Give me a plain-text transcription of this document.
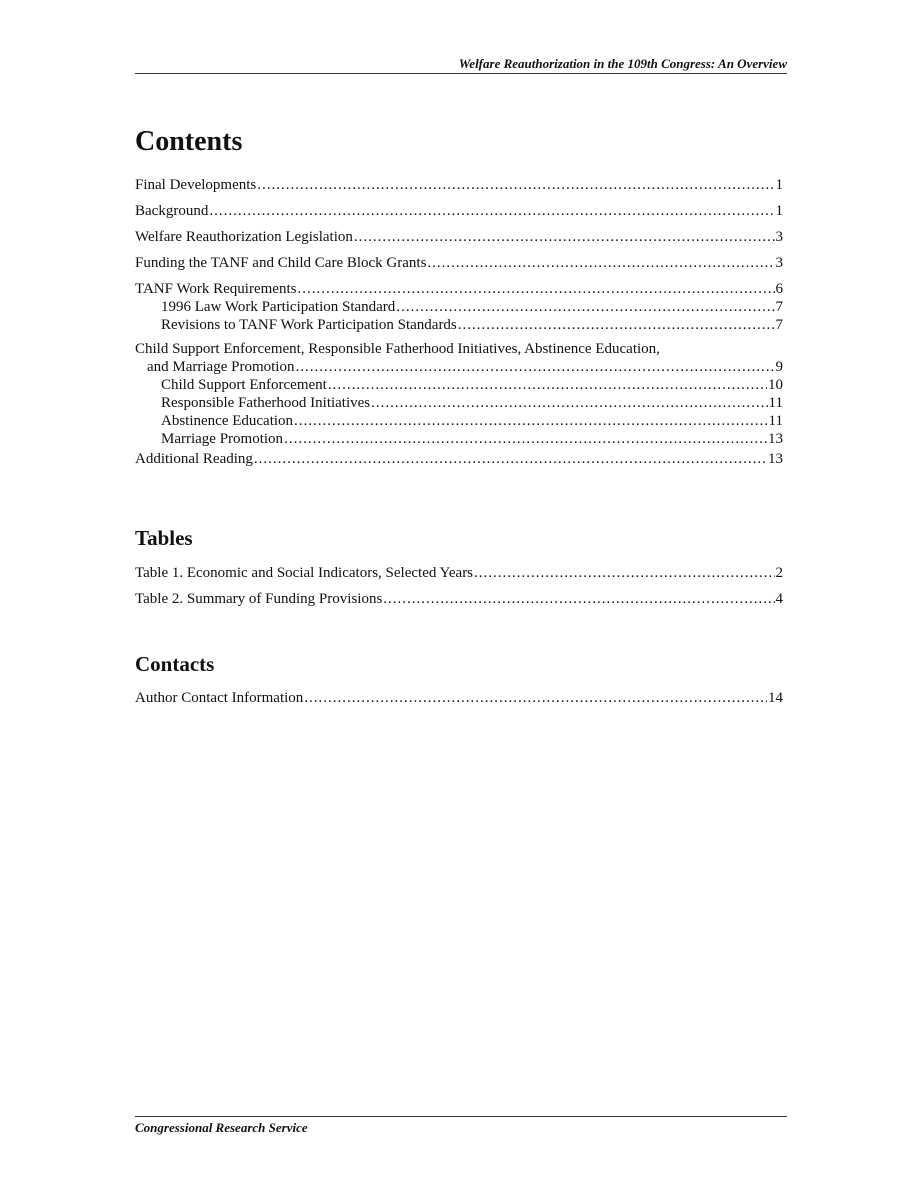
Welfare Reauthorization in the 109th Congress: An Overview
Contents
Final Developments .....	1
Background .....	1
Welfare Reauthorization Legislation .....	3
Funding the TANF and Child Care Block Grants .....	3
TANF Work Requirements .....	6
1996 Law Work Participation Standard .....	7
Revisions to TANF Work Participation Standards .....	7
Child Support Enforcement, Responsible Fatherhood Initiatives, Abstinence Education,
and Marriage Promotion .....	9
Child Support Enforcement .....	10
Responsible Fatherhood Initiatives .....	11
Abstinence Education .....	11
Marriage Promotion .....	13
Additional Reading .....	13
Tables
Table 1. Economic and Social Indicators, Selected Years .....	2
Table 2. Summary of Funding Provisions .....	4
Contacts
Author Contact Information .....	14
Congressional Research Service
